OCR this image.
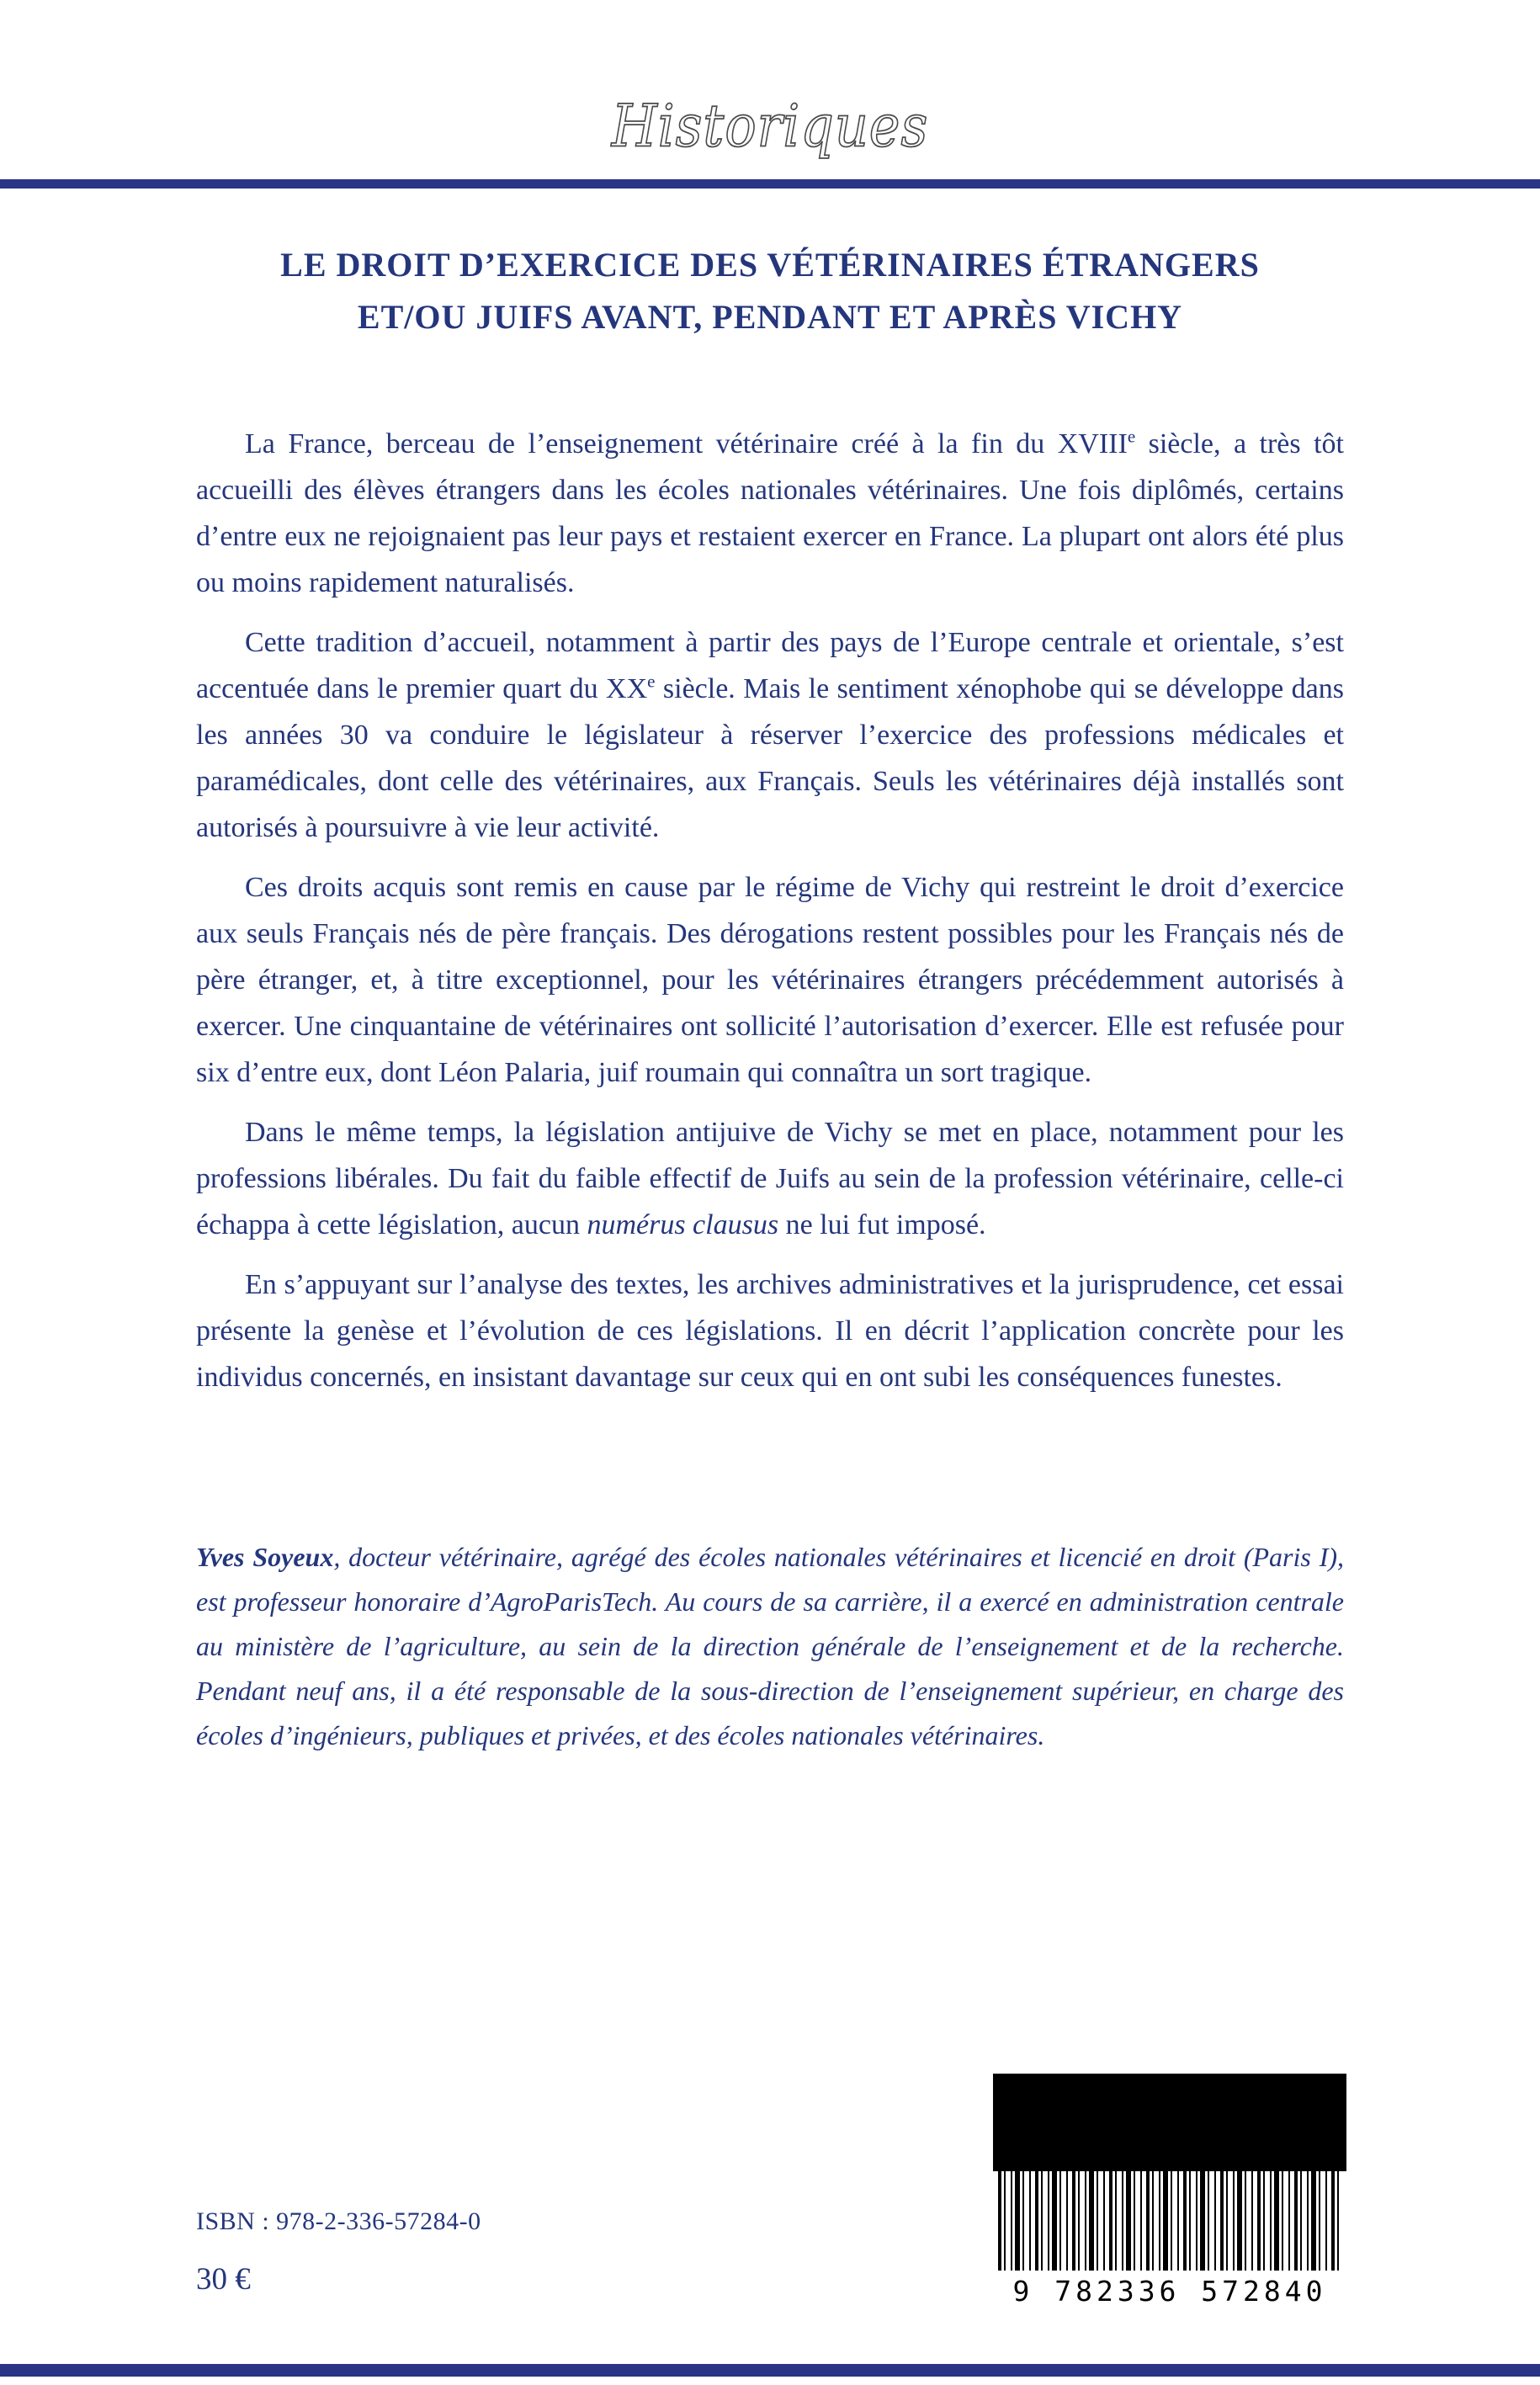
Historiques
LE DROIT D’EXERCICE DES VÉTÉRINAIRES ÉTRANGERS
ET/OU JUIFS AVANT, PENDANT ET APRÈS VICHY

La France, berceau de l’enseignement vétérinaire créé à la fin du XVIIIe siècle, a très tôt accueilli des élèves étrangers dans les écoles nationales vétérinaires. Une fois diplômés, certains d’entre eux ne rejoignaient pas leur pays et restaient exercer en France. La plupart ont alors été plus ou moins rapidement naturalisés.

Cette tradition d’accueil, notamment à partir des pays de l’Europe centrale et orientale, s’est accentuée dans le premier quart du XXe siècle. Mais le sentiment xénophobe qui se développe dans les années 30 va conduire le législateur à réserver l’exercice des professions médicales et paramédicales, dont celle des vétérinaires, aux Français. Seuls les vétérinaires déjà installés sont autorisés à poursuivre à vie leur activité.

Ces droits acquis sont remis en cause par le régime de Vichy qui restreint le droit d’exercice aux seuls Français nés de père français. Des dérogations restent possibles pour les Français nés de père étranger, et, à titre exceptionnel, pour les vétérinaires étrangers précédemment autorisés à exercer. Une cinquantaine de vétérinaires ont sollicité l’autorisation d’exercer. Elle est refusée pour six d’entre eux, dont Léon Palaria, juif roumain qui connaîtra un sort tragique.

Dans le même temps, la législation antijuive de Vichy se met en place, notamment pour les professions libérales. Du fait du faible effectif de Juifs au sein de la profession vétérinaire, celle-ci échappa à cette législation, aucun numérus clausus ne lui fut imposé.

En s’appuyant sur l’analyse des textes, les archives administratives et la jurisprudence, cet essai présente la genèse et l’évolution de ces législations. Il en décrit l’application concrète pour les individus concernés, en insistant davantage sur ceux qui en ont subi les conséquences funestes.

Yves Soyeux, docteur vétérinaire, agrégé des écoles nationales vétérinaires et licencié en droit (Paris I), est professeur honoraire d’AgroParisTech. Au cours de sa carrière, il a exercé en administration centrale au ministère de l’agriculture, au sein de la direction générale de l’enseignement et de la recherche. Pendant neuf ans, il a été responsable de la sous-direction de l’enseignement supérieur, en charge des écoles d’ingénieurs, publiques et privées, et des écoles nationales vétérinaires.

ISBN : 978-2-336-57284-0
30 €	9 782336 572840
